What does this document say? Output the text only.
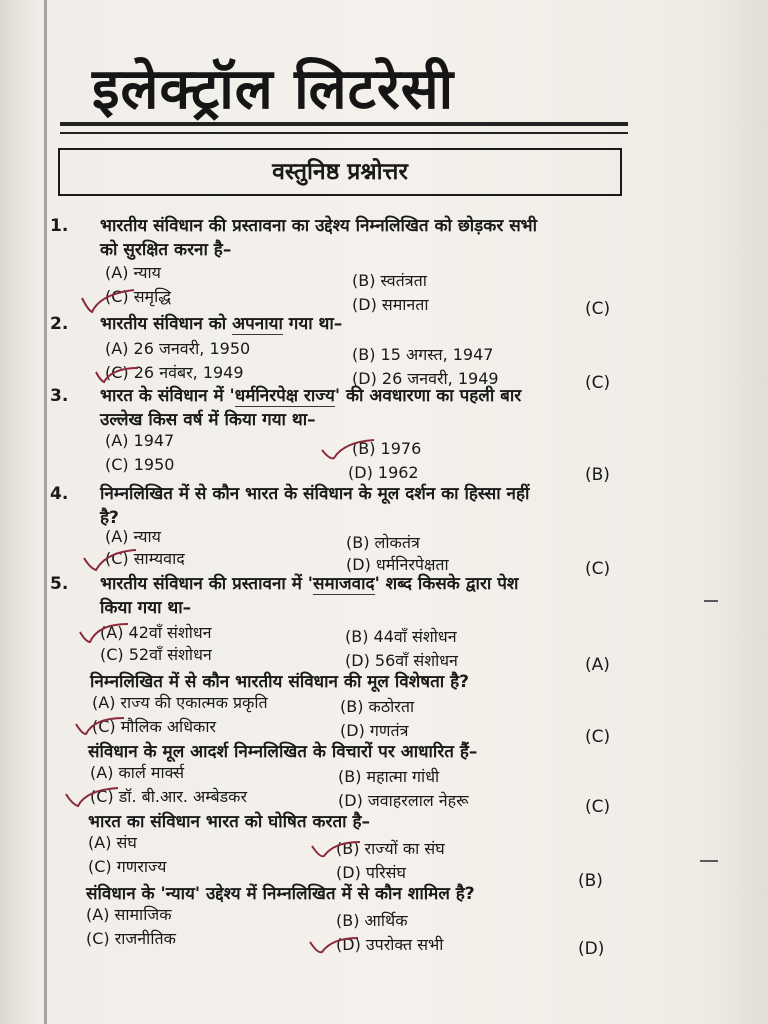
इलेक्ट्रॉल लिटरेसी
वस्तुनिष्ठ प्रश्नोत्तर
1. भारतीय संविधान की प्रस्तावना का उद्देश्य निम्नलिखित को छोड़कर सभी
को सुरक्षित करना है–
(A) न्याय	(B) स्वतंत्रता
(C) समृद्धि	(D) समानता	(C)
2. भारतीय संविधान को अपनाया गया था–
(A) 26 जनवरी, 1950	(B) 15 अगस्त, 1947
(C) 26 नवंबर, 1949	(D) 26 जनवरी, 1949	(C)
3. भारत के संविधान में 'धर्मनिरपेक्ष राज्य' की अवधारणा का पहली बार
उल्लेख किस वर्ष में किया गया था–
(A) 1947	(B) 1976
(C) 1950	(D) 1962	(B)
4. निम्नलिखित में से कौन भारत के संविधान के मूल दर्शन का हिस्सा नहीं
है?
(A) न्याय	(B) लोकतंत्र
(C) साम्यवाद	(D) धर्मनिरपेक्षता	(C)
5. भारतीय संविधान की प्रस्तावना में 'समाजवाद' शब्द किसके द्वारा पेश
किया गया था–
(A) 42वाँ संशोधन	(B) 44वाँ संशोधन
(C) 52वाँ संशोधन	(D) 56वाँ संशोधन	(A)
निम्नलिखित में से कौन भारतीय संविधान की मूल विशेषता है?
(A) राज्य की एकात्मक प्रकृति	(B) कठोरता
(C) मौलिक अधिकार	(D) गणतंत्र	(C)
संविधान के मूल आदर्श निम्नलिखित के विचारों पर आधारित हैं–
(A) कार्ल मार्क्स	(B) महात्मा गांधी
(C) डॉ. बी.आर. अम्बेडकर	(D) जवाहरलाल नेहरू	(C)
भारत का संविधान भारत को घोषित करता है–
(A) संघ	(B) राज्यों का संघ
(C) गणराज्य	(D) परिसंघ	(B)
संविधान के 'न्याय' उद्देश्य में निम्नलिखित में से कौन शामिल है?
(A) सामाजिक	(B) आर्थिक
(C) राजनीतिक	(D) उपरोक्त सभी	(D)
